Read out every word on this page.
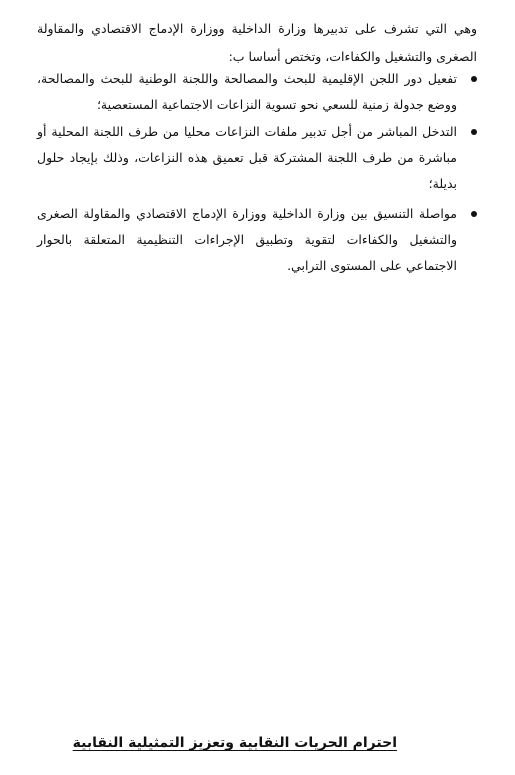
وهي التي تشرف على تدبيرها وزارة الداخلية ووزارة الإدماج الاقتصادي والمقاولة الصغرى والتشغيل والكفاءات، وتختص أساسا ب:

تفعيل دور اللجن الإقليمية للبحث والمصالحة واللجنة الوطنية للبحث والمصالحة، ووضع جدولة زمنية للسعي نحو تسوية النزاعات الاجتماعية المستعصية؛
التدخل المباشر من أجل تدبير ملفات النزاعات محليا من طرف اللجنة المحلية أو مباشرة من طرف اللجنة المشتركة قبل تعميق هذه النزاعات، وذلك بإيجاد حلول بديلة؛
مواصلة التنسيق بين وزارة الداخلية ووزارة الإدماج الاقتصادي والمقاولة الصغرى والتشغيل والكفاءات لتقوية وتطبيق الإجراءات التنظيمية المتعلقة بالحوار الاجتماعي على المستوى الترابي.
احترام الحريات النقابية وتعزيز التمثيلية النقابية
